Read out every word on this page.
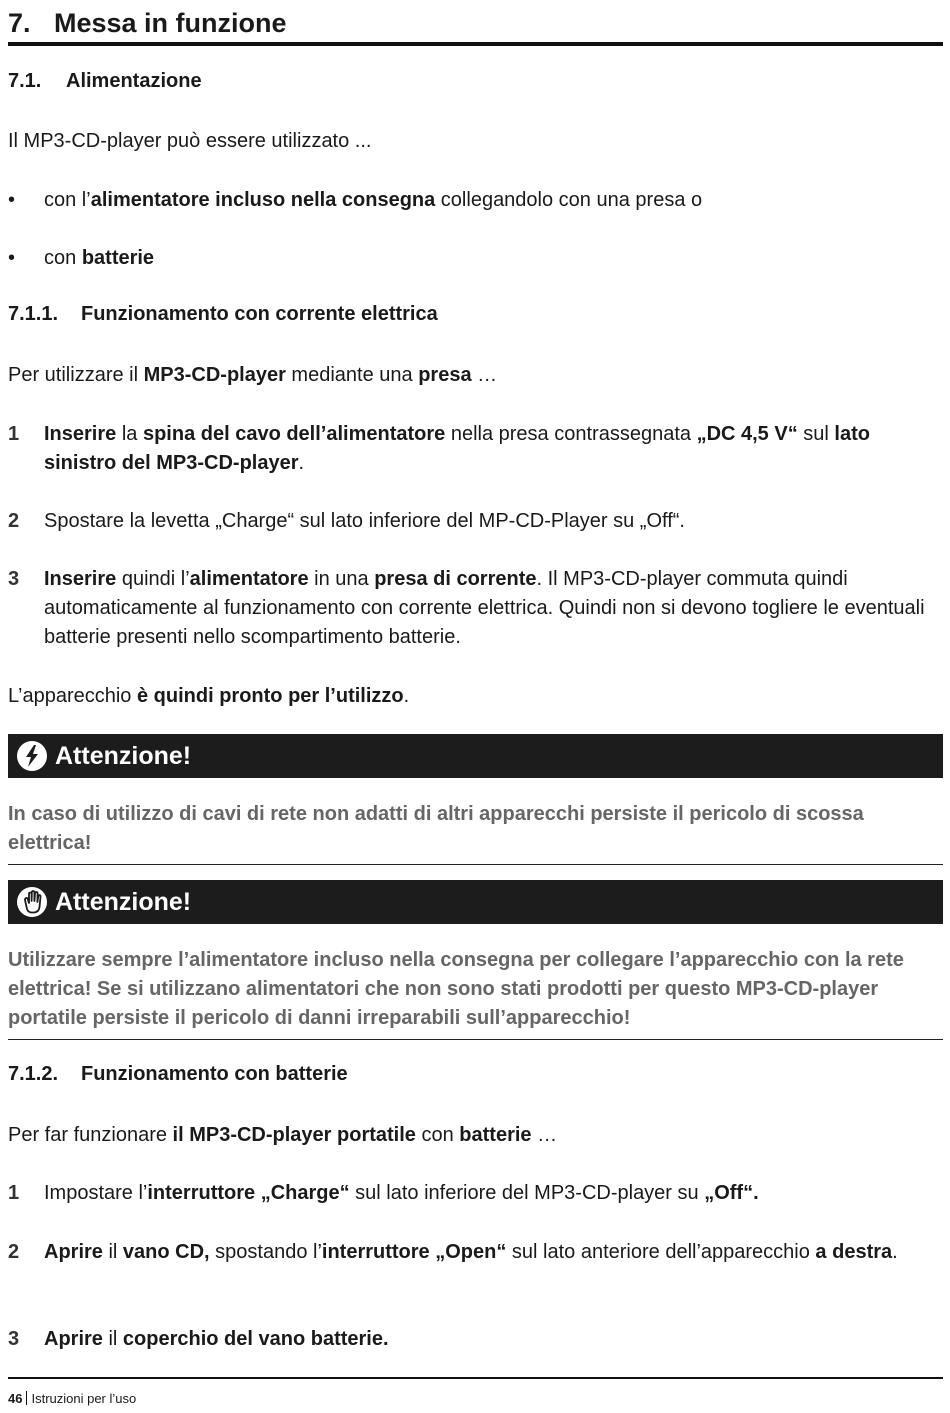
7. Messa in funzione
7.1. Alimentazione
Il MP3-CD-player può essere utilizzato ...
• con l’alimentatore incluso nella consegna collegandolo con una presa o
• con batterie
7.1.1. Funzionamento con corrente elettrica
Per utilizzare il MP3-CD-player mediante una presa …
1 Inserire la spina del cavo dell’alimentatore nella presa contrassegnata „DC 4,5 V“ sul lato sinistro del MP3-CD-player.
2 Spostare la levetta „Charge“ sul lato inferiore del MP-CD-Player su „Off“.
3 Inserire quindi l’alimentatore in una presa di corrente. Il MP3-CD-player commuta quindi automaticamente al funzionamento con corrente elettrica. Quindi non si devono togliere le eventuali batterie presenti nello scompartimento batterie.
L’apparecchio è quindi pronto per l’utilizzo.
Attenzione!
In caso di utilizzo di cavi di rete non adatti di altri apparecchi persiste il pericolo di scossa elettrica!
Attenzione!
Utilizzare sempre l’alimentatore incluso nella consegna per collegare l’apparecchio con la rete elettrica! Se si utilizzano alimentatori che non sono stati prodotti per questo MP3-CD-player portatile persiste il pericolo di danni irreparabili sull’apparecchio!
7.1.2. Funzionamento con batterie
Per far funzionare il MP3-CD-player portatile con batterie …
1 Impostare l’interruttore „Charge“ sul lato inferiore del MP3-CD-player su „Off“.
2 Aprire il vano CD, spostando l’interruttore „Open“ sul lato anteriore dell’apparecchio a destra.
3 Aprire il coperchio del vano batterie.
46 Istruzioni per l’uso
